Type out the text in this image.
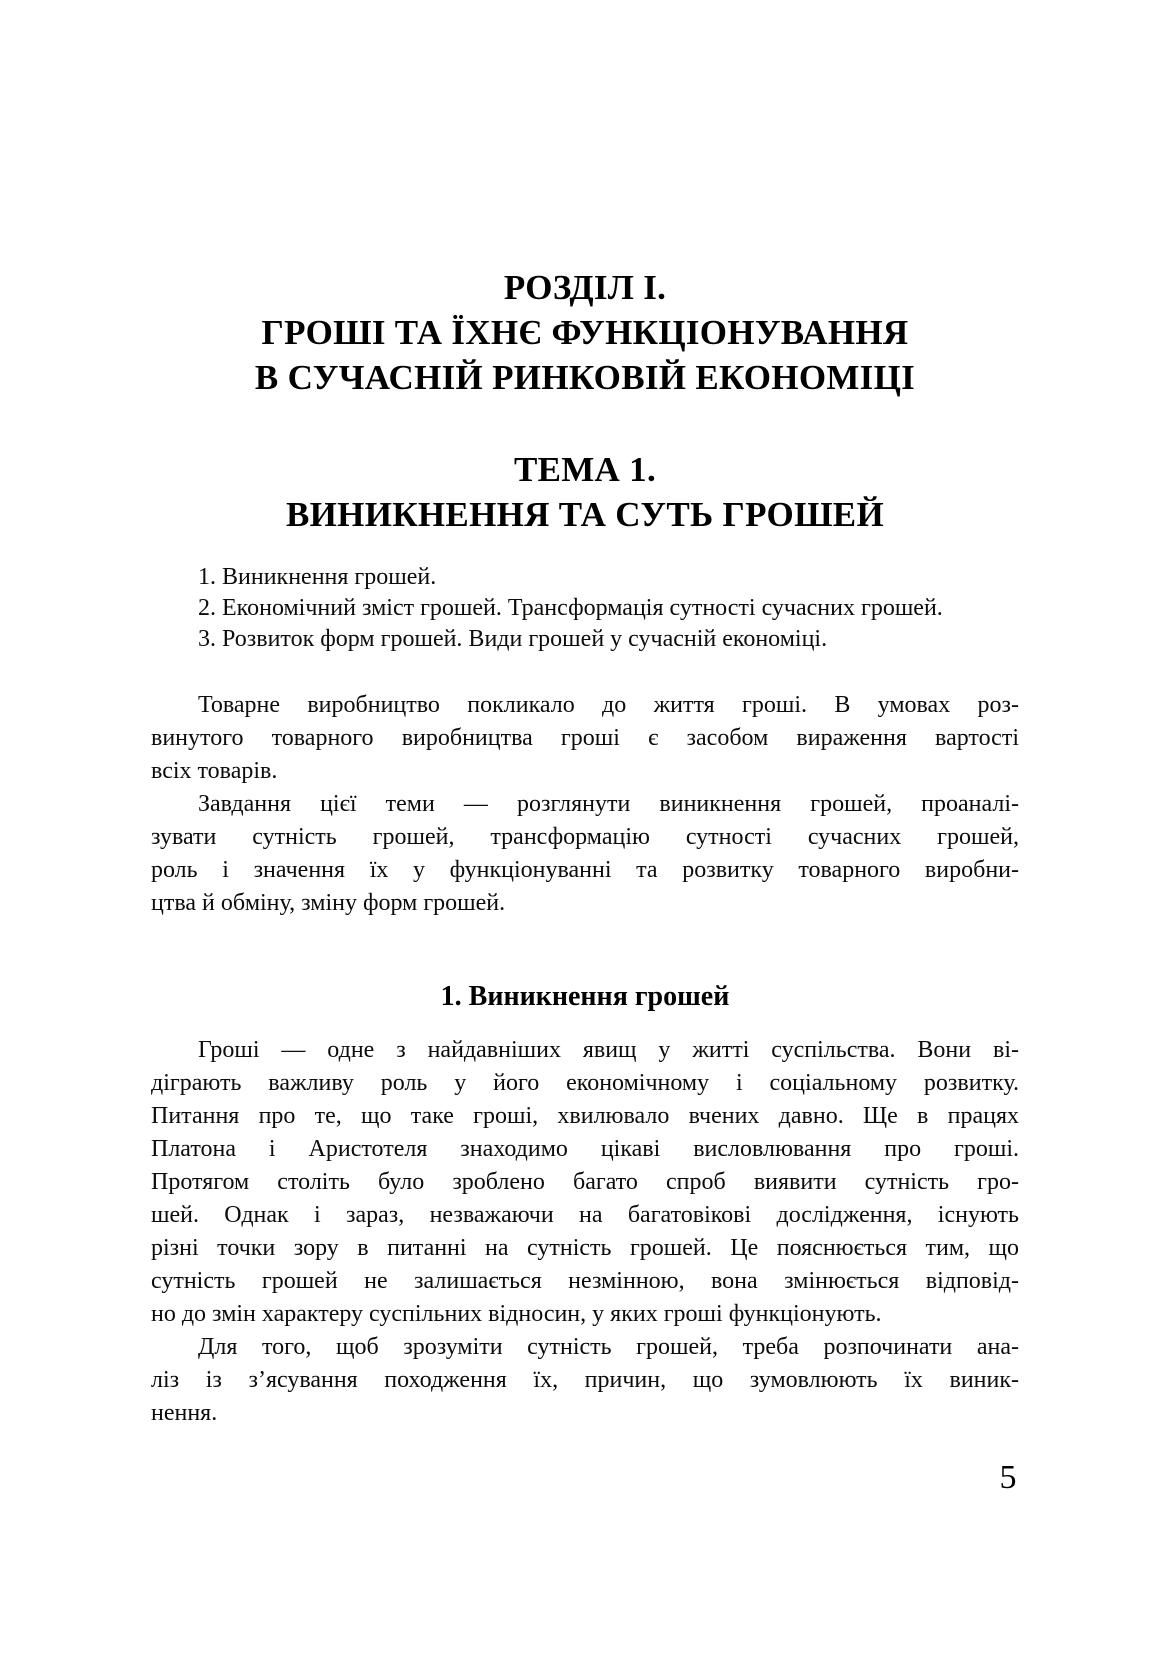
РОЗДІЛ І.
ГРОШІ ТА ЇХНЄ ФУНКЦІОНУВАННЯ
В СУЧАСНІЙ РИНКОВІЙ ЕКОНОМІЦІ
ТЕМА 1.
ВИНИКНЕННЯ ТА СУТЬ ГРОШЕЙ
1. Виникнення грошей.
2. Економічний зміст грошей. Трансформація сутності сучасних грошей.
3. Розвиток форм грошей. Види грошей у сучасній економіці.
Товарне виробництво покликало до життя гроші. В умовах роз-
винутого товарного виробництва гроші є засобом вираження вартості
всіх товарів.
Завдання цієї теми — розглянути виникнення грошей, проаналі-
зувати сутність грошей, трансформацію сутності сучасних грошей,
роль і значення їх у функціонуванні та розвитку товарного виробни-
цтва й обміну, зміну форм грошей.
1. Виникнення грошей
Гроші — одне з найдавніших явищ у житті суспільства. Вони ві-
діграють важливу роль у його економічному і соціальному розвитку.
Питання про те, що таке гроші, хвилювало вчених давно. Ще в працях
Платона і Аристотеля знаходимо цікаві висловлювання про гроші.
Протягом століть було зроблено багато спроб виявити сутність гро-
шей. Однак і зараз, незважаючи на багатовікові дослідження, існують
різні точки зору в питанні на сутність грошей. Це пояснюється тим, що
сутність грошей не залишається незмінною, вона змінюється відповід-
но до змін характеру суспільних відносин, у яких гроші функціонують.
Для того, щоб зрозуміти сутність грошей, треба розпочинати ана-
ліз із з’ясування походження їх, причин, що зумовлюють їх виник-
нення.
5
